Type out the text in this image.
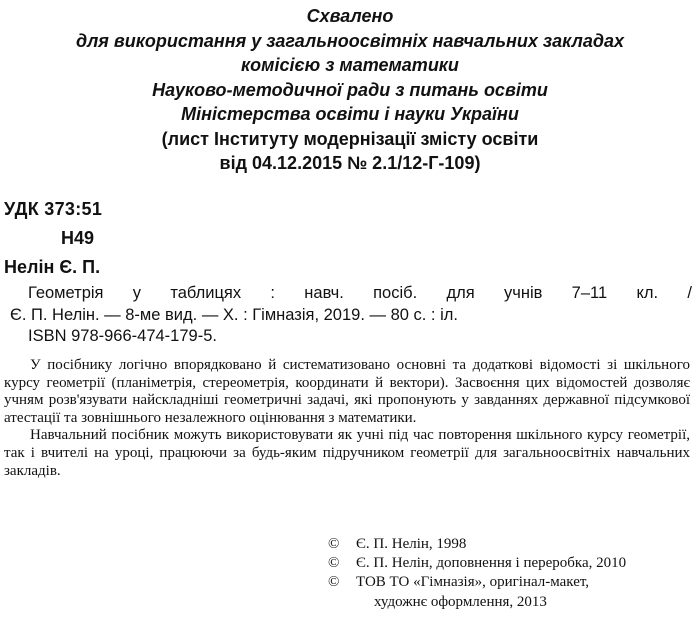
Схвалено
для використання у загальноосвітніх навчальних закладах
комісією з математики
Науково-методичної ради з питань освіти
Міністерства освіти і науки України
(лист Інституту модернізації змісту освіти
від 04.12.2015 № 2.1/12-Г-109)
УДК 373:51
Н49
Нелін Є. П.
Геометрія у таблицях : навч. посіб. для учнів 7–11 кл. /
Є. П. Нелін. — 8-ме вид. — Х. : Гімназія, 2019. — 80 с. : іл.
ISBN 978-966-474-179-5.

У посібнику логічно впорядковано й систематизовано основні та додаткові відомості зі шкільного курсу геометрії (планіметрія, стереометрія, координати й вектори). Засвоєння цих відомостей дозволяє учням розв'язувати найскладніші геометричні задачі, які пропонують у завданнях державної підсумкової атестації та зовнішнього незалежного оцінювання з математики.

Навчальний посібник можуть використовувати як учні під час повторення шкільного курсу геометрії, так і вчителі на уроці, працюючи за будь-яким підручником геометрії для загальноосвітніх навчальних закладів.

©	Є. П. Нелін, 1998
©	Є. П. Нелін, доповнення і переробка, 2010
©	ТОВ ТО «Гімназія», оригінал-макет,
художнє оформлення, 2013
